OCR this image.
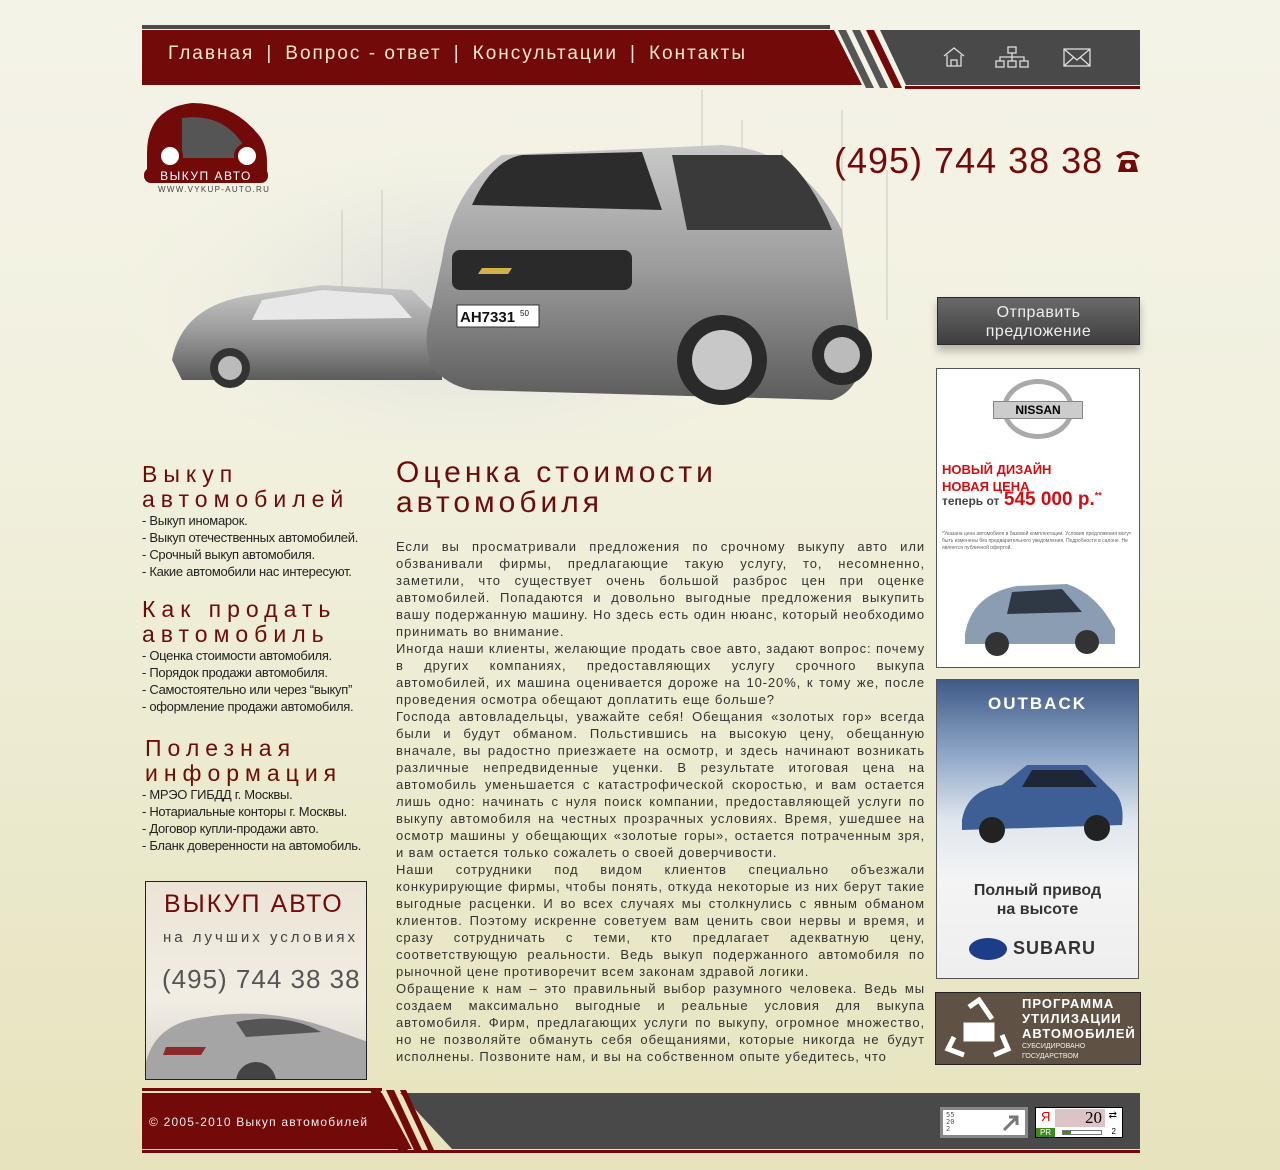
Главная | Вопрос - ответ | Консультации | Контакты
АН7331 50
ВЫКУП АВТО
WWW.VYKUP-AUTO.RU
(495) 744 38 38
Отправить
предложение
Выкуп
автомобилей
- Выкуп иномарок.
- Выкуп отечественных автомобилей.
- Срочный выкуп автомобиля.
- Какие автомобили нас интересуют.
Как продать
автомобиль
- Оценка стоимости автомобиля.
- Порядок продажи автомобиля.
- Самостоятельно или через “выкуп”
- оформление продажи автомобиля.
Полезная
информация
- МРЭО ГИБДД г. Москвы.
- Нотариальные конторы г. Москвы.
- Договор купли-продажи авто.
- Бланк доверенности на автомобиль.
ВЫКУП АВТО
на лучших условиях
(495) 744 38 38
Оценка стоимости
автомобиля

Если вы просматривали предложения по срочному выкупу авто или обзванивали фирмы, предлагающие такую услугу, то, несомненно, заметили, что существует очень большой разброс цен при оценке автомобилей. Попадаются и довольно выгодные предложения выкупить вашу подержанную машину. Но здесь есть один нюанс, который необходимо принимать во внимание.

Иногда наши клиенты, желающие продать свое авто, задают вопрос: почему в других компаниях, предоставляющих услугу срочного выкупа автомобилей, их машина оценивается дороже на 10-20%, к тому же, после проведения осмотра обещают доплатить еще больше?

Господа автовладельцы, уважайте себя! Обещания «золотых гор» всегда были и будут обманом. Польстившись на высокую цену, обещанную вначале, вы радостно приезжаете на осмотр, и здесь начинают возникать различные непредвиденные уценки. В результате итоговая цена на автомобиль уменьшается с катастрофической скоростью, и вам остается лишь одно: начинать с нуля поиск компании, предоставляющей услуги по выкупу автомобиля на честных прозрачных условиях. Время, ушедшее на осмотр машины у обещающих «золотые горы», остается потраченным зря, и вам остается только сожалеть о своей доверчивости.

Наши сотрудники под видом клиентов специально объезжали конкурирующие фирмы, чтобы понять, откуда некоторые из них берут такие выгодные расценки. И во всех случаях мы столкнулись с явным обманом клиентов. Поэтому искренне советуем вам ценить свои нервы и время, и сразу сотрудничать с теми, кто предлагает адекватную цену, соответствующую реальности. Ведь выкуп подержанного автомобиля по рыночной цене противоречит всем законам здравой логики.

Обращение к нам – это правильный выбор разумного человека. Ведь мы создаем максимально выгодные и реальные условия для выкупа автомобиля. Фирм, предлагающих услуги по выкупу, огромное множество, но не позволяйте обмануть себя обещаниями, которые никогда не будут исполнены. Позвоните нам, и вы на собственном опыте убедитесь, что

NISSAN
НОВЫЙ ДИЗАЙН
НОВАЯ ЦЕНА
теперь от 545 000 р.**
*Указана цена автомобиля в базовой комплектации. Условия предложения могут быть изменены без предварительного уведомления. Подробности в салоне. Не является публичной офертой.
OUTBACK
Полный привод
на высоте
SUBARU
ПРОГРАММА
УТИЛИЗАЦИИ
АВТОМОБИЛЕЙ
СУБСИДИРОВАНО
ГОСУДАРСТВОМ
© 2005-2010 Выкуп автомобилей	55
20
2
Я	20 ⇄
PR	2
